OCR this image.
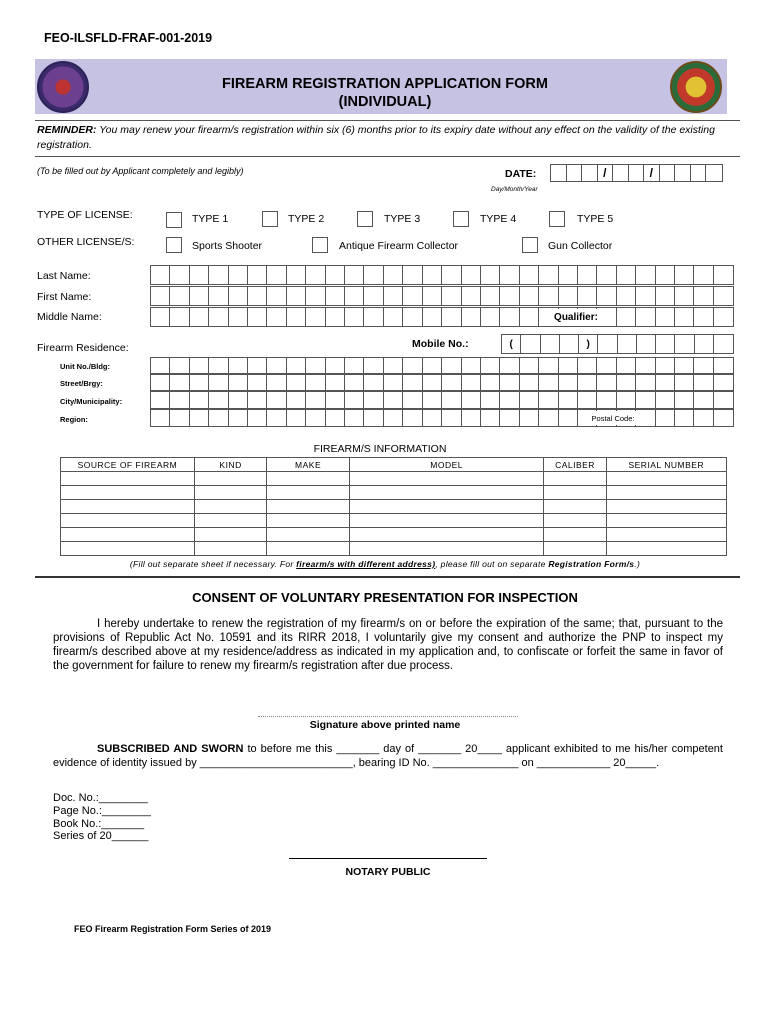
FEO-ILSFLD-FRAF-001-2019
FIREARM REGISTRATION APPLICATION FORM
(INDIVIDUAL)
REMINDER: You may renew your firearm/s registration within six (6) months prior to its expiry date without any effect on the validity of the existing registration.
(To be filled out by Applicant completely and legibly)	DATE:	/	/
Day/Month/Year
TYPE OF LICENSE:	TYPE 1	TYPE 2	TYPE 3	TYPE 4	TYPE 5
OTHER LICENSE/S:	Sports Shooter	Antique Firearm Collector	Gun Collector
Last Name:
First Name:
Middle Name:	Qualifier:
Firearm Residence:	Mobile No.:	(	)
Unit No./Bldg:
Street/Brgy:
City/Municipality:
Region:	Postal Code:
FIREARM/S INFORMATION
SOURCE OF FIREARM	KIND	MAKE	MODEL	CALIBER	SERIAL NUMBER

(Fill out separate sheet if necessary. For firearm/s with different address), please fill out on separate Registration Form/s.)
CONSENT OF VOLUNTARY PRESENTATION FOR INSPECTION
I hereby undertake to renew the registration of my firearm/s on or before the expiration of the same; that, pursuant to the provisions of Republic Act No. 10591 and its RIRR 2018, I voluntarily give my consent and authorize the PNP to inspect my firearm/s described above at my residence/address as indicated in my application and, to confiscate or forfeit the same in favor of the government for failure to renew my firearm/s registration after due process.
Signature above printed name
SUBSCRIBED AND SWORN to before me this _______ day of _______ 20____ applicant exhibited to me his/her competent evidence of identity issued by _________________________, bearing ID No. ______________ on ____________ 20_____.
Doc. No.:________
Page No.:________
Book No.:_______
Series of 20______
NOTARY PUBLIC
FEO Firearm Registration Form Series of 2019
